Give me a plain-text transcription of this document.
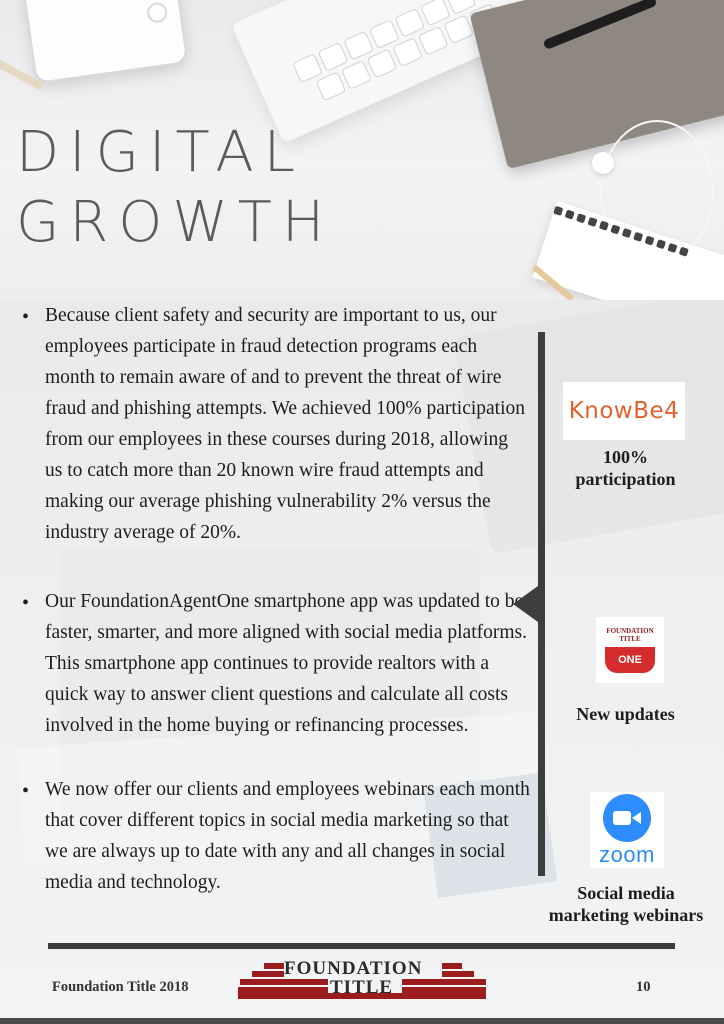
DIGITAL
GROWTH

• Because client safety and security are important to us, our employees participate in fraud detection programs each month to remain aware of and to prevent the threat of wire fraud and phishing attempts. We achieved 100% participation from our employees in these courses during 2018, allowing us to catch more than 20 known wire fraud attempts and making our average phishing vulnerability 2% versus the industry average of 20%.

• Our FoundationAgentOne smartphone app was updated to be faster, smarter, and more aligned with social media platforms. This smartphone app continues to provide realtors with a quick way to answer client questions and calculate all costs involved in the home buying or refinancing processes.

• We now offer our clients and employees webinars each month that cover different topics in social media marketing so that we are always up to date with any and all changes in social media and technology.

KnowBe4
100%
participation
FOUNDATION
TITLE
ONE
New updates
zoom
Social media
marketing webinars
Foundation Title 2018
FOUNDATION
TITLE	10
